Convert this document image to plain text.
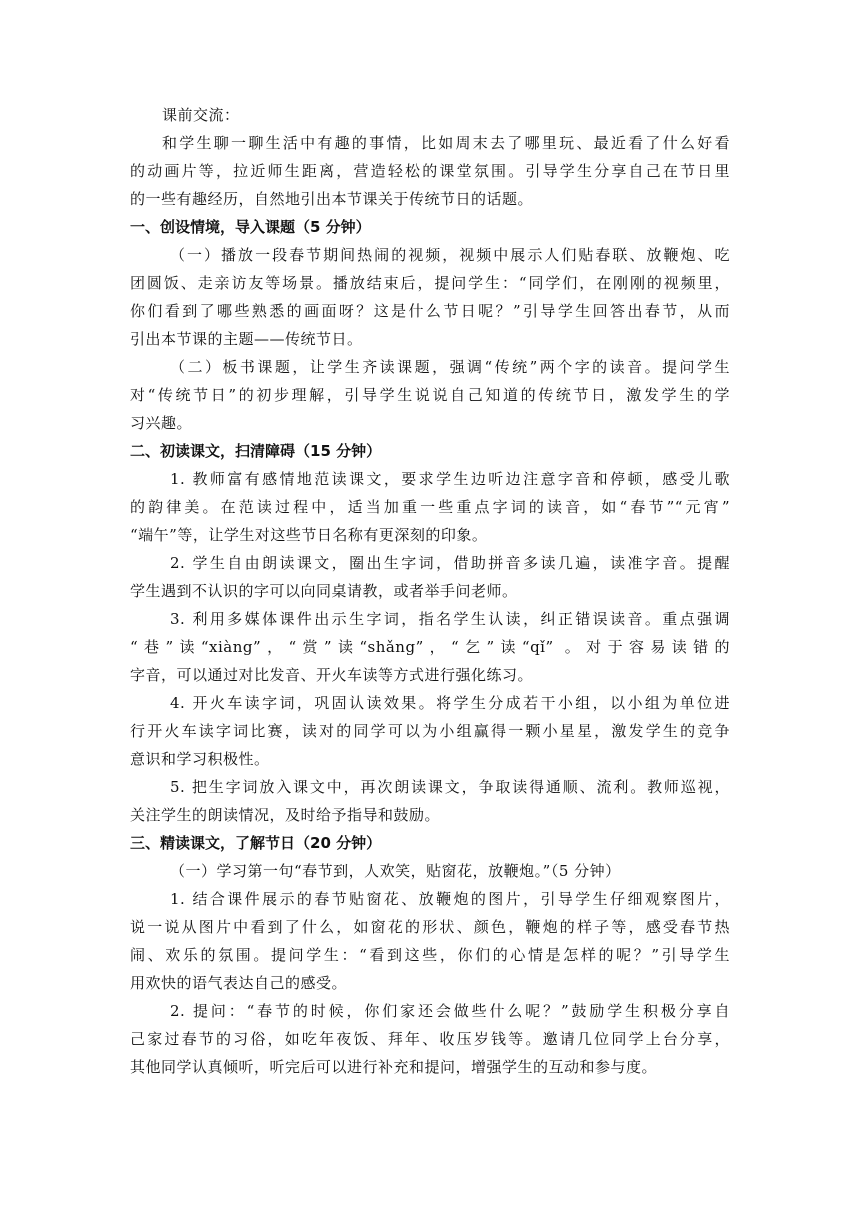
课前交流：
和学生聊一聊生活中有趣的事情，比如周末去了哪里玩、最近看了什么好看
的动画片等，拉近师生距离，营造轻松的课堂氛围。引导学生分享自己在节日里
的一些有趣经历，自然地引出本节课关于传统节日的话题。
一、创设情境，导入课题（5 分钟）
（一）播放一段春节期间热闹的视频，视频中展示人们贴春联、放鞭炮、吃
团圆饭、走亲访友等场景。播放结束后，提问学生：“同学们，在刚刚的视频里，
你们看到了哪些熟悉的画面呀？这是什么节日呢？”引导学生回答出春节，从而
引出本节课的主题——传统节日。
（二）板书课题，让学生齐读课题，强调“传统”两个字的读音。提问学生
对“传统节日”的初步理解，引导学生说说自己知道的传统节日，激发学生的学
习兴趣。
二、初读课文，扫清障碍（15 分钟）
1. 教师富有感情地范读课文，要求学生边听边注意字音和停顿，感受儿歌
的韵律美。在范读过程中，适当加重一些重点字词的读音，如“春节”“元宵”
“端午”等，让学生对这些节日名称有更深刻的印象。
2. 学生自由朗读课文，圈出生字词，借助拼音多读几遍，读准字音。提醒
学生遇到不认识的字可以向同桌请教，或者举手问老师。
3. 利用多媒体课件出示生字词，指名学生认读，纠正错误读音。重点强调
“巷”读“xiàng”，“赏”读“shǎng”，“乞”读“qǐ” 。对于容易读错的
字音，可以通过对比发音、开火车读等方式进行强化练习。
4. 开火车读字词，巩固认读效果。将学生分成若干小组，以小组为单位进
行开火车读字词比赛，读对的同学可以为小组赢得一颗小星星，激发学生的竞争
意识和学习积极性。
5. 把生字词放入课文中，再次朗读课文，争取读得通顺、流利。教师巡视，
关注学生的朗读情况，及时给予指导和鼓励。
三、精读课文，了解节日（20 分钟）
（一）学习第一句“春节到，人欢笑，贴窗花，放鞭炮。”（5 分钟）
1. 结合课件展示的春节贴窗花、放鞭炮的图片，引导学生仔细观察图片，
说一说从图片中看到了什么，如窗花的形状、颜色，鞭炮的样子等，感受春节热
闹、欢乐的氛围。提问学生：“看到这些，你们的心情是怎样的呢？”引导学生
用欢快的语气表达自己的感受。
2. 提问：“春节的时候，你们家还会做些什么呢？”鼓励学生积极分享自
己家过春节的习俗，如吃年夜饭、拜年、收压岁钱等。邀请几位同学上台分享，
其他同学认真倾听，听完后可以进行补充和提问，增强学生的互动和参与度。
